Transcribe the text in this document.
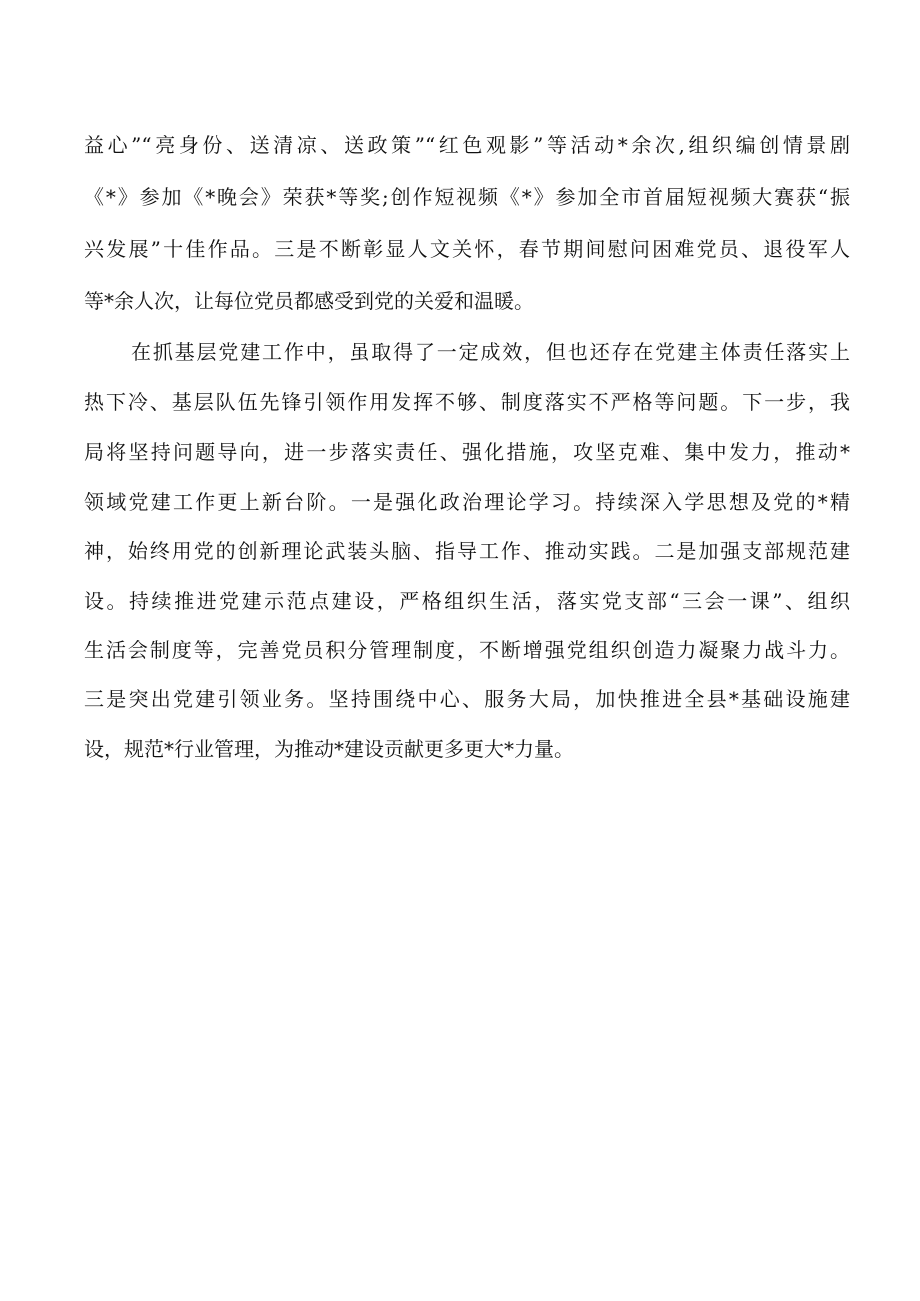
益心”“亮身份、送清凉、送政策”“红色观影”等活动*余次,组织编创情景剧
《*》参加《*晚会》荣获*等奖;创作短视频《*》参加全市首届短视频大赛获“振
兴发展”十佳作品。三是不断彰显人文关怀，春节期间慰问困难党员、退役军人
等*余人次，让每位党员都感受到党的关爱和温暖。
在抓基层党建工作中，虽取得了一定成效，但也还存在党建主体责任落实上
热下冷、基层队伍先锋引领作用发挥不够、制度落实不严格等问题。下一步，我
局将坚持问题导向，进一步落实责任、强化措施，攻坚克难、集中发力，推动*
领域党建工作更上新台阶。一是强化政治理论学习。持续深入学思想及党的*精
神，始终用党的创新理论武装头脑、指导工作、推动实践。二是加强支部规范建
设。持续推进党建示范点建设，严格组织生活，落实党支部“三会一课”、组织
生活会制度等，完善党员积分管理制度，不断增强党组织创造力凝聚力战斗力。
三是突出党建引领业务。坚持围绕中心、服务大局，加快推进全县*基础设施建
设，规范*行业管理，为推动*建设贡献更多更大*力量。
